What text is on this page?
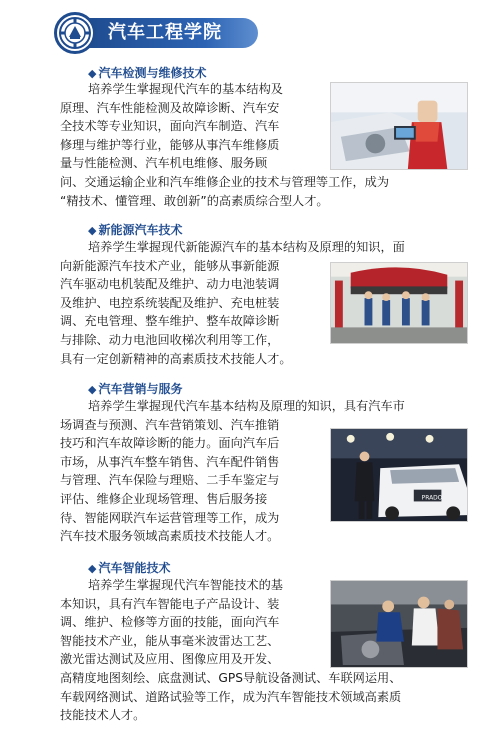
汽车工程学院
◆ 汽车检测与维修技术
培养学生掌握现代汽车的基本结构及
原理、汽车性能检测及故障诊断、汽车安
全技术等专业知识，面向汽车制造、汽车
修理与维护等行业，能够从事汽车维修质
量与性能检测、汽车机电维修、服务顾
问、交通运输企业和汽车维修企业的技术与管理等工作，成为
“精技术、懂管理、敢创新”的高素质综合型人才。
◆ 新能源汽车技术
培养学生掌握现代新能源汽车的基本结构及原理的知识，面
向新能源汽车技术产业，能够从事新能源
汽车驱动电机装配及维护、动力电池装调
及维护、电控系统装配及维护、充电桩装
调、充电管理、整车维护、整车故障诊断
与排除、动力电池回收梯次利用等工作，
具有一定创新精神的高素质技术技能人才。
◆ 汽车营销与服务
培养学生掌握现代汽车基本结构及原理的知识，具有汽车市
场调查与预测、汽车营销策划、汽车推销
技巧和汽车故障诊断的能力。面向汽车后
市场，从事汽车整车销售、汽车配件销售
与管理、汽车保险与理赔、二手车鉴定与
评估、维修企业现场管理、售后服务接
待、智能网联汽车运营管理等工作，成为
汽车技术服务领域高素质技术技能人才。
PRADO
◆ 汽车智能技术
培养学生掌握现代汽车智能技术的基
本知识，具有汽车智能电子产品设计、装
调、维护、检修等方面的技能，面向汽车
智能技术产业，能从事毫米波雷达工艺、
激光雷达测试及应用、图像应用及开发、
高精度地图刻绘、底盘测试、GPS导航设备测试、车联网运用、
车载网络测试、道路试验等工作，成为汽车智能技术领域高素质
技能技术人才。
